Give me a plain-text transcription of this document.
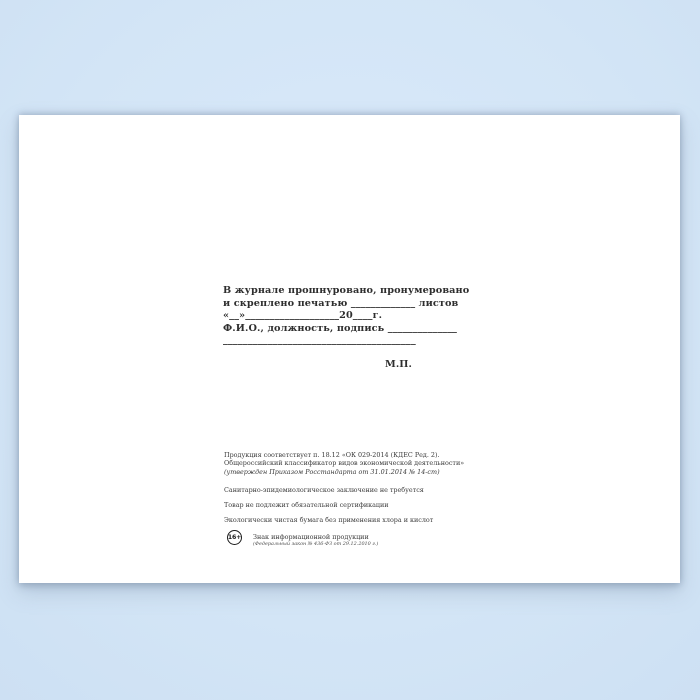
В журнале прошнуровано, пронумеровано
и скреплено печатью _____________ листов
«__»___________________20____г.
Ф.И.О., должность, подпись ______________
_______________________________________
М.П.
Продукция соответствует п. 18.12 «ОК 029-2014 (КДЕС Ред. 2).
Общероссийский классификатор видов экономической деятельности»
(утвержден Приказом Росстандарта от 31.01.2014 № 14-ст)
Санитарно-эпидемиологическое заключение не требуется
Товар не подлежит обязательной сертификации
Экологически чистая бумага без применения хлора и кислот
16+ Знак информационной продукции
(Федеральный закон № 436-ФЗ от 29.12.2010 г.)
